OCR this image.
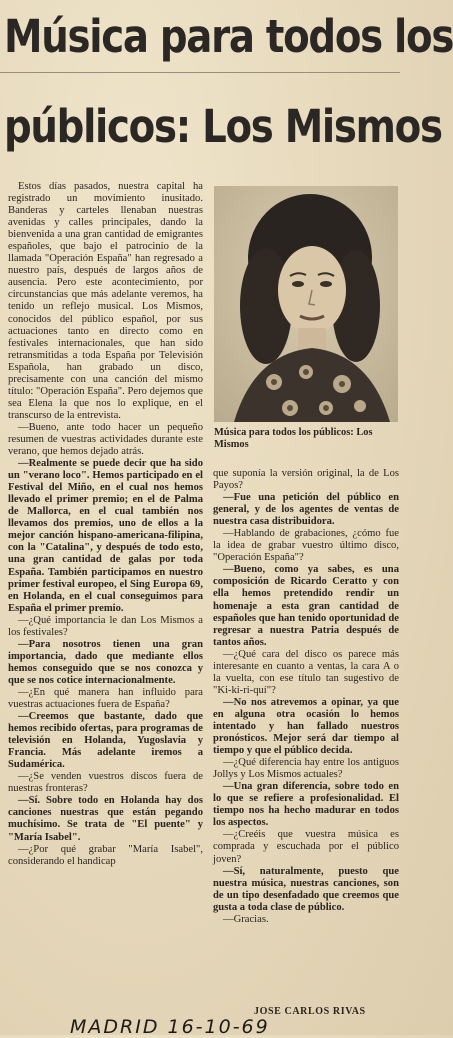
Música para todos los
públicos: Los Mismos

Estos días pasados, nuestra capital ha registrado un movimiento inusitado. Banderas y carteles llenaban nuestras avenidas y calles principales, dando la bienvenida a una gran cantidad de emigrantes españoles, que bajo el patrocinio de la llamada "Operación España" han regresado a nuestro país, después de largos años de ausencia. Pero este acontecimiento, por circunstancias que más adelante veremos, ha tenido un reflejo musical. Los Mismos, conocidos del público español, por sus actuaciones tanto en directo como en festivales internacionales, que han sido retransmitidas a toda España por Televisión Española, han grabado un disco, precisamente con una canción del mismo título: "Operación España". Pero dejemos que sea Elena la que nos lo explique, en el transcurso de la entrevista.

—Bueno, ante todo hacer un pequeño resumen de vuestras actividades durante este verano, que hemos dejado atrás.

—Realmente se puede decir que ha sido un "verano loco". Hemos participado en el Festival del Miño, en el cual nos hemos llevado el primer premio; en el de Palma de Mallorca, en el cual también nos llevamos dos premios, uno de ellos a la mejor canción hispano-americana-filipina, con la "Catalina", y después de todo esto, una gran cantidad de galas por toda España. También participamos en nuestro primer festival europeo, el Sing Europa 69, en Holanda, en el cual conseguimos para España el primer premio.

—¿Qué importancia le dan Los Mismos a los festivales?

—Para nosotros tienen una gran importancia, dado que mediante ellos hemos conseguido que se nos conozca y que se nos cotice internacionalmente.

—¿En qué manera han influido para vuestras actuaciones fuera de España?

—Creemos que bastante, dado que hemos recibido ofertas, para programas de televisión en Holanda, Yugoslavia y Francia. Más adelante iremos a Sudamérica.

—¿Se venden vuestros discos fuera de nuestras fronteras?

—Sí. Sobre todo en Holanda hay dos canciones nuestras que están pegando muchísimo. Se trata de "El puente" y "María Isabel".

—¿Por qué grabar "María Isabel", considerando el handicap

Música para todos los públicos: Los Mismos

que suponía la versión original, la de Los Payos?

—Fue una petición del público en general, y de los agentes de ventas de nuestra casa distribuidora.

—Hablando de grabaciones, ¿cómo fue la idea de grabar vuestro último disco, "Operación España"?

—Bueno, como ya sabes, es una composición de Ricardo Ceratto y con ella hemos pretendido rendir un homenaje a esta gran cantidad de españoles que han tenido oportunidad de regresar a nuestra Patria después de tantos años.

—¿Qué cara del disco os parece más interesante en cuanto a ventas, la cara A o la vuelta, con ese título tan sugestivo de "Ki-ki-ri-quí"?

—No nos atrevemos a opinar, ya que en alguna otra ocasión lo hemos intentado y han fallado nuestros pronósticos. Mejor será dar tiempo al tiempo y que el público decida.

—¿Qué diferencia hay entre los antiguos Jollys y Los Mismos actuales?

—Una gran diferencia, sobre todo en lo que se refiere a profesionalidad. El tiempo nos ha hecho madurar en todos los aspectos.

—¿Creéis que vuestra música es comprada y escuchada por el público joven?

—Sí, naturalmente, puesto que nuestra música, nuestras canciones, son de un tipo desenfadado que creemos que gusta a toda clase de público.

—Gracias.

JOSE CARLOS RIVAS
MADRID 16-10-69
